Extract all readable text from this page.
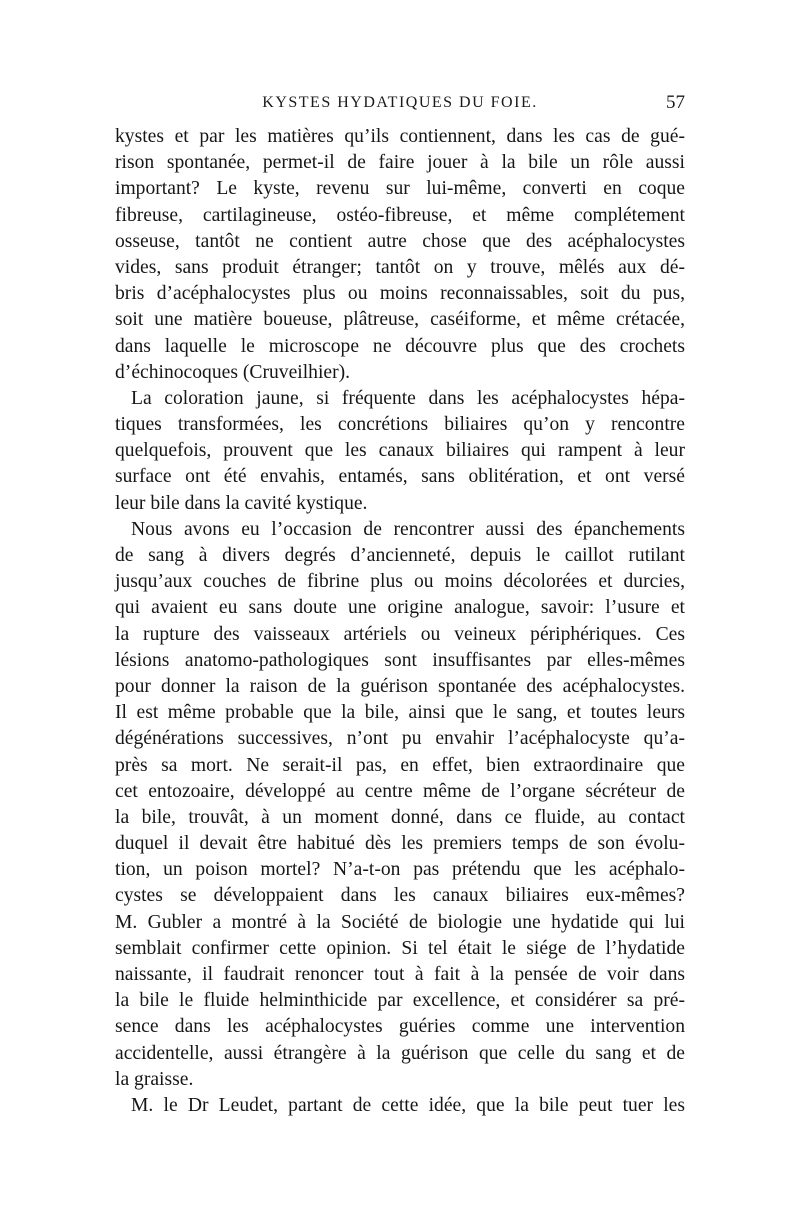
KYSTES HYDATIQUES DU FOIE.	57
kystes et par les matières qu’ils contiennent, dans les cas de gué-
rison spontanée, permet-il de faire jouer à la bile un rôle aussi
important? Le kyste, revenu sur lui-même, converti en coque
fibreuse, cartilagineuse, ostéo-fibreuse, et même complétement
osseuse, tantôt ne contient autre chose que des acéphalocystes
vides, sans produit étranger; tantôt on y trouve, mêlés aux dé-
bris d’acéphalocystes plus ou moins reconnaissables, soit du pus,
soit une matière boueuse, plâtreuse, caséiforme, et même crétacée,
dans laquelle le microscope ne découvre plus que des crochets
d’échinocoques (Cruveilhier).
La coloration jaune, si fréquente dans les acéphalocystes hépa-
tiques transformées, les concrétions biliaires qu’on y rencontre
quelquefois, prouvent que les canaux biliaires qui rampent à leur
surface ont été envahis, entamés, sans oblitération, et ont versé
leur bile dans la cavité kystique.
Nous avons eu l’occasion de rencontrer aussi des épanchements
de sang à divers degrés d’ancienneté, depuis le caillot rutilant
jusqu’aux couches de fibrine plus ou moins décolorées et durcies,
qui avaient eu sans doute une origine analogue, savoir: l’usure et
la rupture des vaisseaux artériels ou veineux périphériques. Ces
lésions anatomo-pathologiques sont insuffisantes par elles-mêmes
pour donner la raison de la guérison spontanée des acéphalocystes.
Il est même probable que la bile, ainsi que le sang, et toutes leurs
dégénérations successives, n’ont pu envahir l’acéphalocyste qu’a-
près sa mort. Ne serait-il pas, en effet, bien extraordinaire que
cet entozoaire, développé au centre même de l’organe sécréteur de
la bile, trouvât, à un moment donné, dans ce fluide, au contact
duquel il devait être habitué dès les premiers temps de son évolu-
tion, un poison mortel? N’a-t-on pas prétendu que les acéphalo-
cystes se développaient dans les canaux biliaires eux-mêmes?
M. Gubler a montré à la Société de biologie une hydatide qui lui
semblait confirmer cette opinion. Si tel était le siége de l’hydatide
naissante, il faudrait renoncer tout à fait à la pensée de voir dans
la bile le fluide helminthicide par excellence, et considérer sa pré-
sence dans les acéphalocystes guéries comme une intervention
accidentelle, aussi étrangère à la guérison que celle du sang et de
la graisse.
M. le Dr Leudet, partant de cette idée, que la bile peut tuer les
